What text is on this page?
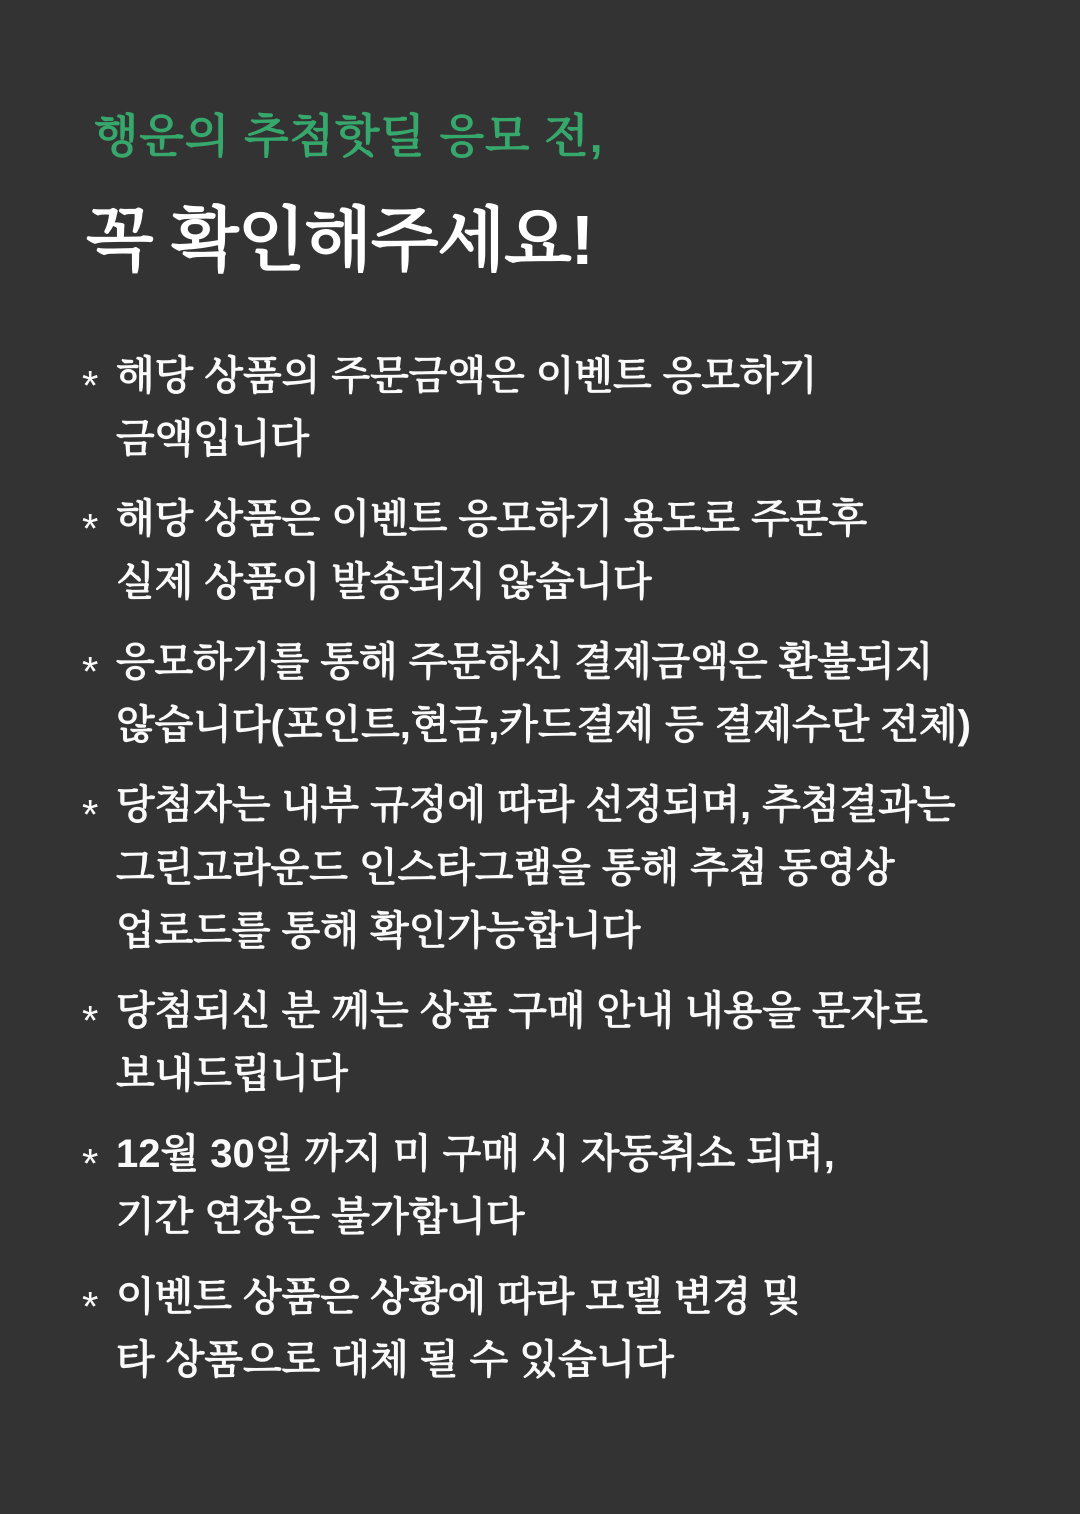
행운의 추첨핫딜 응모 전,

꼭 확인해주세요!
* 해당 상품의 주문금액은 이벤트 응모하기
금액입니다
* 해당 상품은 이벤트 응모하기 용도로 주문후
실제 상품이 발송되지 않습니다
* 응모하기를 통해 주문하신 결제금액은 환불되지
않습니다(포인트,현금,카드결제 등 결제수단 전체)
* 당첨자는 내부 규정에 따라 선정되며, 추첨결과는
그린고라운드 인스타그램을 통해 추첨 동영상
업로드를 통해 확인가능합니다
* 당첨되신 분 께는 상품 구매 안내 내용을 문자로
보내드립니다
* 12월 30일 까지 미 구매 시 자동취소 되며,
기간 연장은 불가합니다
* 이벤트 상품은 상황에 따라 모델 변경 및
타 상품으로 대체 될 수 있습니다
